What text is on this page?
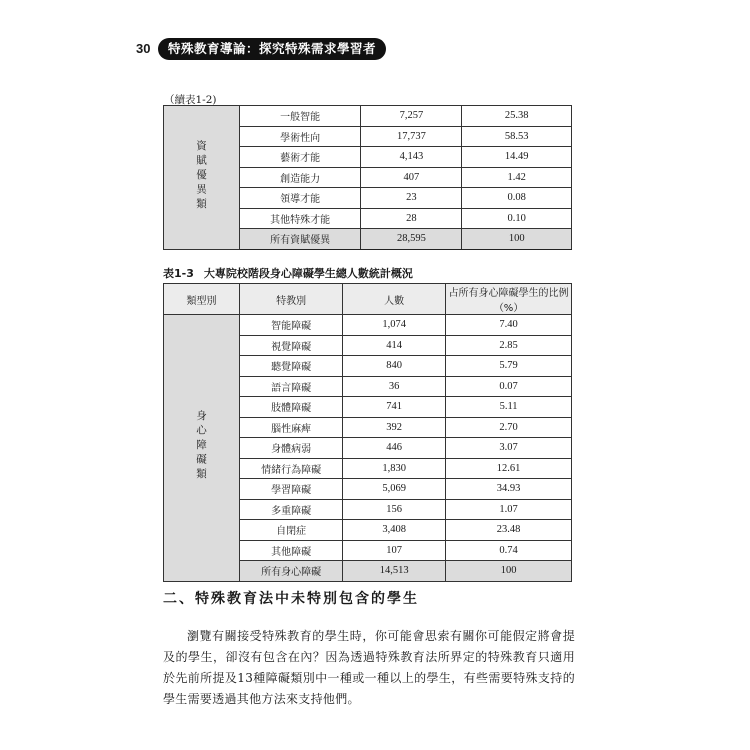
30	特殊教育導論：探究特殊需求學習者
（續表1-2)
資賦優異類	一般智能	7,257	25.38
	學術性向	17,737	58.53
	藝術才能	4,143	14.49
	創造能力	407	1.42
	領導才能	23	0.08
	其他特殊才能	28	0.10
	所有資賦優異	28,595	100
表1-3 大專院校階段身心障礙學生總人數統計概況
類型別	特教別	人數	占所有身心障礙學生的比例（%）
身心障礙類	智能障礙	1,074	7.40
	視覺障礙	414	2.85
	聽覺障礙	840	5.79
	語言障礙	36	0.07
	肢體障礙	741	5.11
	腦性麻痺	392	2.70
	身體病弱	446	3.07
	情緒行為障礙	1,830	12.61
	學習障礙	5,069	34.93
	多重障礙	156	1.07
	自閉症	3,408	23.48
	其他障礙	107	0.74
	所有身心障礙	14,513	100
二、特殊教育法中未特別包含的學生

瀏覽有關接受特殊教育的學生時，你可能會思索有關你可能假定將會提及的學生，卻沒有包含在內？因為透過特殊教育法所界定的特殊教育只適用於先前所提及13種障礙類別中一種或一種以上的學生，有些需要特殊支持的學生需要透過其他方法來支持他們。
